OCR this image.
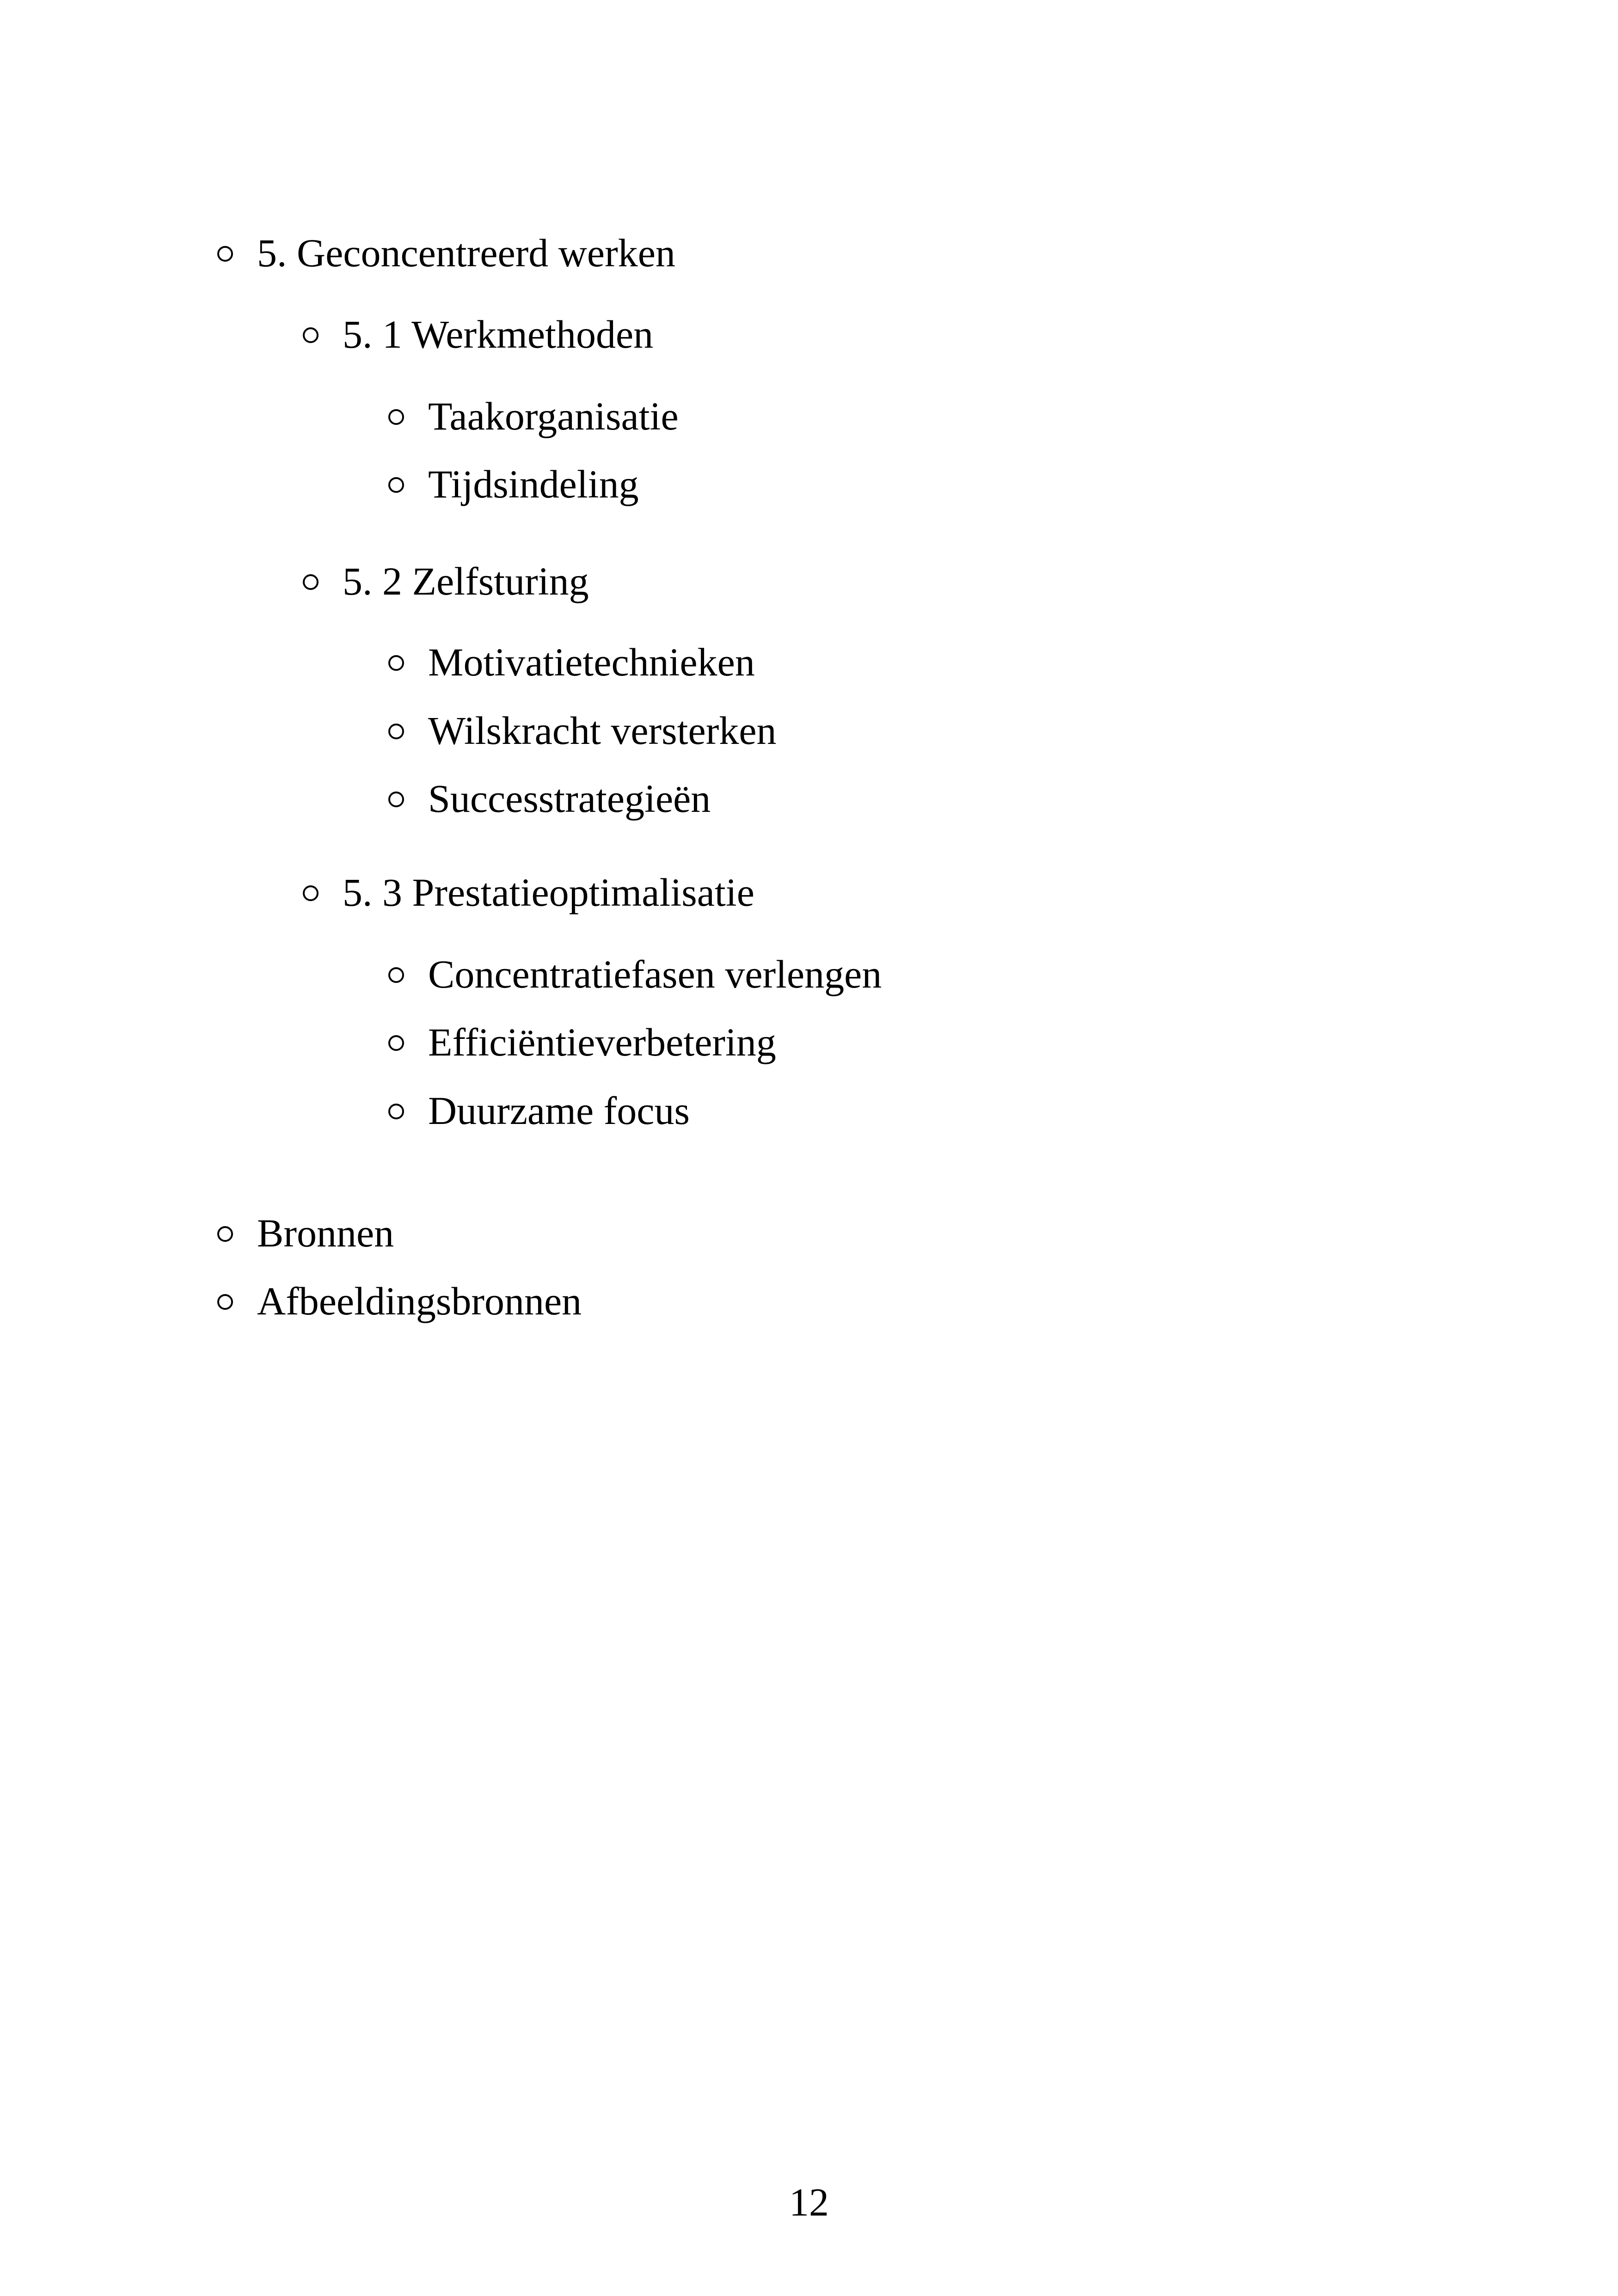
5. Geconcentreerd werken
5. 1 Werkmethoden
Taakorganisatie
Tijdsindeling
5. 2 Zelfsturing
Motivatietechnieken
Wilskracht versterken
Successtrategieën
5. 3 Prestatieoptimalisatie
Concentratiefasen verlengen
Efficiëntieverbetering
Duurzame focus
Bronnen
Afbeeldingsbronnen
12
